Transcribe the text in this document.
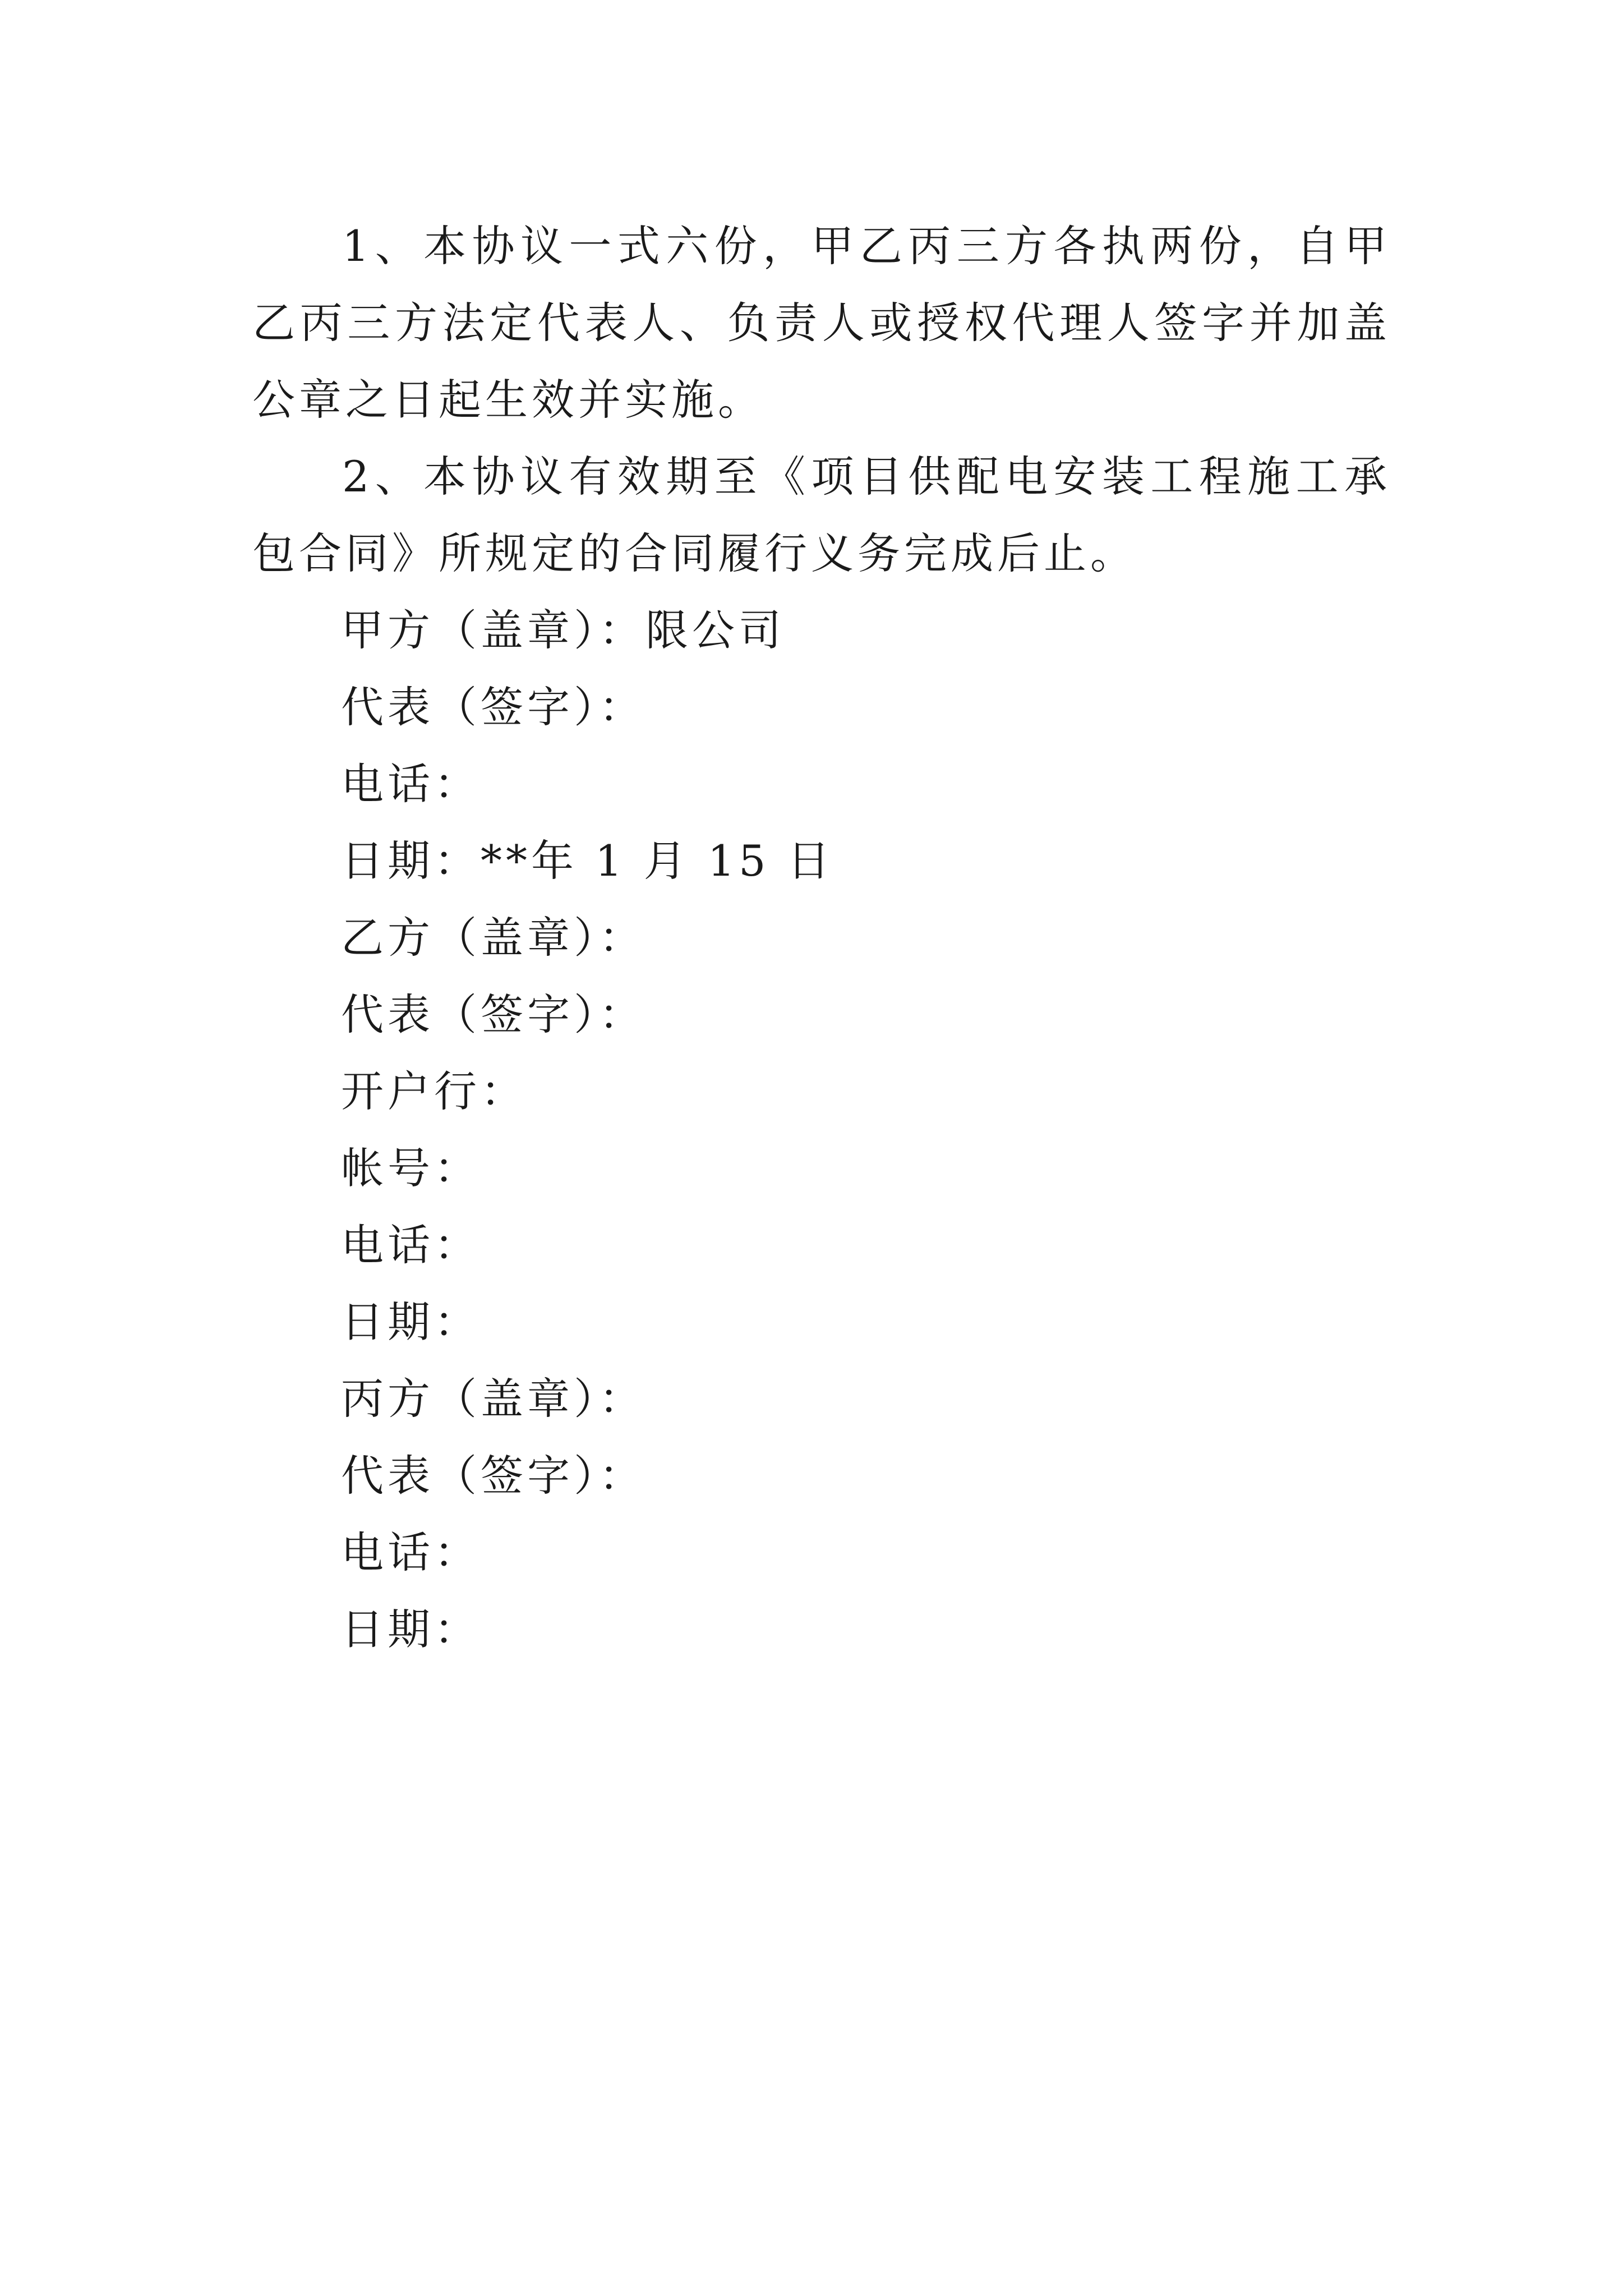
1、本协议一式六份，甲乙丙三方各执两份，自甲乙丙三方法定代表人、负责人或授权代理人签字并加盖公章之日起生效并实施。

2、本协议有效期至《项目供配电安装工程施工承包合同》所规定的合同履行义务完成后止。

甲方（盖章）：限公司

代表（签字）：

电话：

日期：**年 1 月 15 日

乙方（盖章）：

代表（签字）：

开户行：

帐号：

电话：

日期：

丙方（盖章）：

代表（签字）：

电话：

日期：
